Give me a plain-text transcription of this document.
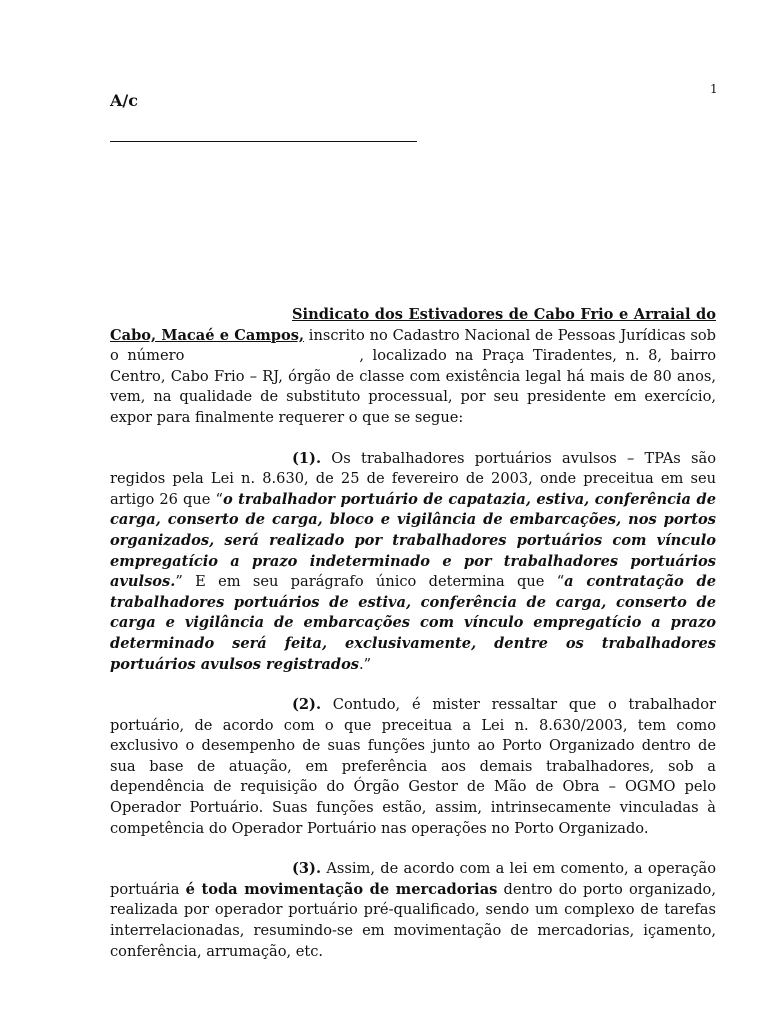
1
A/c

Sindicato dos Estivadores de Cabo Frio e Arraial do Cabo, Macaé e Campos, inscrito no Cadastro Nacional de Pessoas Jurídicas sob o número	, localizado na Praça Tiradentes, n. 8, bairro Centro, Cabo Frio – RJ, órgão de classe com existência legal há mais de 80 anos, vem, na qualidade de substituto processual, por seu presidente em exercício, expor para finalmente requerer o que se segue:

(1). Os trabalhadores portuários avulsos – TPAs são regidos pela Lei n. 8.630, de 25 de fevereiro de 2003, onde preceitua em seu artigo 26 que “o trabalhador portuário de capatazia, estiva, conferência de carga, conserto de carga, bloco e vigilância de embarcações, nos portos organizados, será realizado por trabalhadores portuários com vínculo empregatício a prazo indeterminado e por trabalhadores portuários avulsos.” E em seu parágrafo único determina que “a contratação de trabalhadores portuários de estiva, conferência de carga, conserto de carga e vigilância de embarcações com vínculo empregatício a prazo determinado será feita, exclusivamente, dentre os trabalhadores portuários avulsos registrados.”

(2). Contudo, é mister ressaltar que o trabalhador portuário, de acordo com o que preceitua a Lei n. 8.630/2003, tem como exclusivo o desempenho de suas funções junto ao Porto Organizado dentro de sua base de atuação, em preferência aos demais trabalhadores, sob a dependência de requisição do Órgão Gestor de Mão de Obra – OGMO pelo Operador Portuário. Suas funções estão, assim, intrinsecamente vinculadas à competência do Operador Portuário nas operações no Porto Organizado.

(3). Assim, de acordo com a lei em comento, a operação portuária é toda movimentação de mercadorias dentro do porto organizado, realizada por operador portuário pré-qualificado, sendo um complexo de tarefas interrelacionadas, resumindo-se em movimentação de mercadorias, içamento, conferência, arrumação, etc.
